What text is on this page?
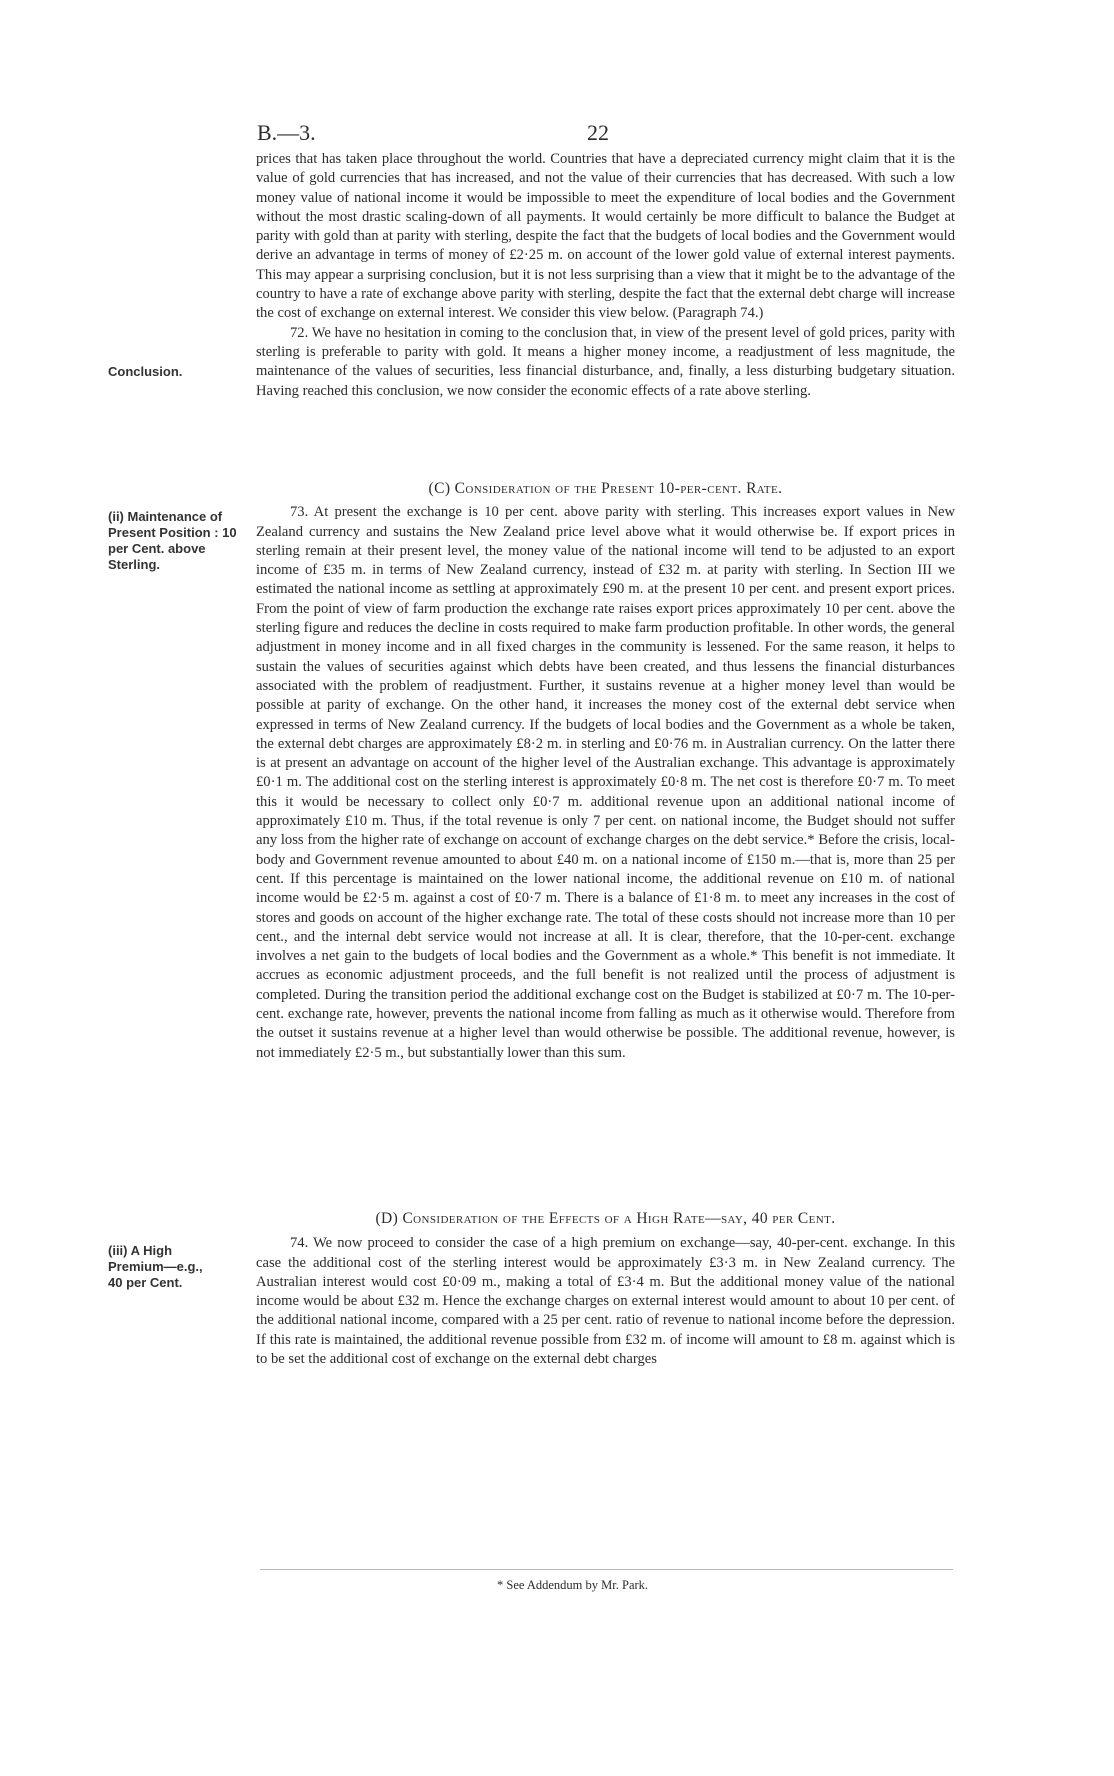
B.—3.	22
Conclusion.
(ii) Maintenance of Present Position : 10 per Cent. above Sterling.
(iii) A High Premium—e.g., 40 per Cent.

prices that has taken place throughout the world. Countries that have a depreciated currency might claim that it is the value of gold currencies that has increased, and not the value of their currencies that has decreased. With such a low money value of national income it would be impossible to meet the expenditure of local bodies and the Government without the most drastic scaling-down of all payments. It would certainly be more difficult to balance the Budget at parity with gold than at parity with sterling, despite the fact that the budgets of local bodies and the Government would derive an advantage in terms of money of £2·25 m. on account of the lower gold value of external interest payments. This may appear a surprising conclusion, but it is not less surprising than a view that it might be to the advantage of the country to have a rate of exchange above parity with sterling, despite the fact that the external debt charge will increase the cost of exchange on external interest. We consider this view below. (Paragraph 74.)

72. We have no hesitation in coming to the conclusion that, in view of the present level of gold prices, parity with sterling is preferable to parity with gold. It means a higher money income, a readjustment of less magnitude, the maintenance of the values of securities, less financial disturbance, and, finally, a less disturbing budgetary situation. Having reached this conclusion, we now consider the economic effects of a rate above sterling.

(C) Consideration of the Present 10-per-cent. Rate.

73. At present the exchange is 10 per cent. above parity with sterling. This increases export values in New Zealand currency and sustains the New Zealand price level above what it would otherwise be. If export prices in sterling remain at their present level, the money value of the national income will tend to be adjusted to an export income of £35 m. in terms of New Zealand currency, instead of £32 m. at parity with sterling. In Section III we estimated the national income as settling at approximately £90 m. at the present 10 per cent. and present export prices. From the point of view of farm production the exchange rate raises export prices approximately 10 per cent. above the sterling figure and reduces the decline in costs required to make farm production profitable. In other words, the general adjustment in money income and in all fixed charges in the community is lessened. For the same reason, it helps to sustain the values of securities against which debts have been created, and thus lessens the financial disturbances associated with the problem of readjustment. Further, it sustains revenue at a higher money level than would be possible at parity of exchange. On the other hand, it increases the money cost of the external debt service when expressed in terms of New Zealand currency. If the budgets of local bodies and the Government as a whole be taken, the external debt charges are approximately £8·2 m. in sterling and £0·76 m. in Australian currency. On the latter there is at present an advantage on account of the higher level of the Australian exchange. This advantage is approximately £0·1 m. The additional cost on the sterling interest is approximately £0·8 m. The net cost is therefore £0·7 m. To meet this it would be necessary to collect only £0·7 m. additional revenue upon an additional national income of approximately £10 m. Thus, if the total revenue is only 7 per cent. on national income, the Budget should not suffer any loss from the higher rate of exchange on account of exchange charges on the debt service.* Before the crisis, local-body and Government revenue amounted to about £40 m. on a national income of £150 m.—that is, more than 25 per cent. If this percentage is maintained on the lower national income, the additional revenue on £10 m. of national income would be £2·5 m. against a cost of £0·7 m. There is a balance of £1·8 m. to meet any increases in the cost of stores and goods on account of the higher exchange rate. The total of these costs should not increase more than 10 per cent., and the internal debt service would not increase at all. It is clear, therefore, that the 10-per-cent. exchange involves a net gain to the budgets of local bodies and the Government as a whole.* This benefit is not immediate. It accrues as economic adjustment proceeds, and the full benefit is not realized until the process of adjustment is completed. During the transition period the additional exchange cost on the Budget is stabilized at £0·7 m. The 10-per-cent. exchange rate, however, prevents the national income from falling as much as it otherwise would. Therefore from the outset it sustains revenue at a higher level than would otherwise be possible. The additional revenue, however, is not immediately £2·5 m., but substantially lower than this sum.

(D) Consideration of the Effects of a High Rate—say, 40 per Cent.

74. We now proceed to consider the case of a high premium on exchange—say, 40-per-cent. exchange. In this case the additional cost of the sterling interest would be approximately £3·3 m. in New Zealand currency. The Australian interest would cost £0·09 m., making a total of £3·4 m. But the additional money value of the national income would be about £32 m. Hence the exchange charges on external interest would amount to about 10 per cent. of the additional national income, compared with a 25 per cent. ratio of revenue to national income before the depression. If this rate is maintained, the additional revenue possible from £32 m. of income will amount to £8 m. against which is to be set the additional cost of exchange on the external debt charges

* See Addendum by Mr. Park.
